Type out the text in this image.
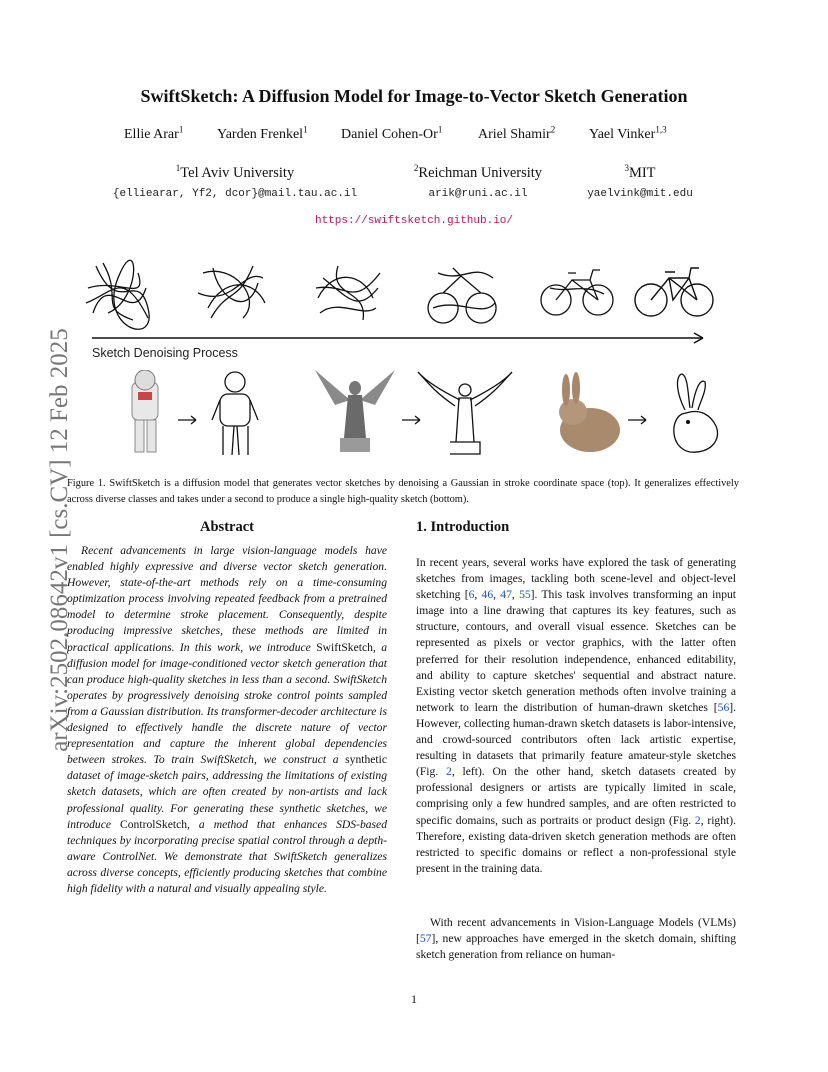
SwiftSketch: A Diffusion Model for Image-to-Vector Sketch Generation
Ellie Arar$^1$ Yarden Frenkel$^1$ Daniel Cohen-Or$^1$	Ariel Shamir$^2$ Yael Vinker$^{1,3}$
$^1$Tel Aviv University	$^2$Reichman University	$^3$MIT
{elliearar, Yf2, dcor}@mail.tau.ac.il	arik@runi.ac.il	yaelvink@mit.edu
https://swiftsketch.github.io/
arXiv:2502.08642v1 [cs.CV] 12 Feb 2025	Sketch Denoising Process
Figure 1. SwiftSketch is a diffusion model that generates vector sketches by denoising a Gaussian in stroke coordinate space (top). It generalizes effectively across diverse classes and takes under a second to produce a single high-quality sketch (bottom).
Abstract
Recent advancements in large vision-language models have enabled highly expressive and diverse vector sketch generation. However, state-of-the-art methods rely on a time-consuming optimization process involving repeated feedback from a pretrained model to determine stroke placement. Consequently, despite producing impressive sketches, these methods are limited in practical applications. In this work, we introduce SwiftSketch, a diffusion model for image-conditioned vector sketch generation that can produce high-quality sketches in less than a second. SwiftSketch operates by progressively denoising stroke control points sampled from a Gaussian distribution. Its transformer-decoder architecture is designed to effectively handle the discrete nature of vector representation and capture the inherent global dependencies between strokes. To train SwiftSketch, we construct a synthetic dataset of image-sketch pairs, addressing the limitations of existing sketch datasets, which are often created by non-artists and lack professional quality. For generating these synthetic sketches, we introduce ControlSketch, a method that enhances SDS-based techniques by incorporating precise spatial control through a depth-aware ControlNet. We demonstrate that SwiftSketch generalizes across diverse concepts, efficiently producing sketches that combine high fidelity with a natural and visually appealing style.
1. Introduction
In recent years, several works have explored the task of generating sketches from images, tackling both scene-level and object-level sketching [6, 46, 47, 55]. This task involves transforming an input image into a line drawing that captures its key features, such as structure, contours, and overall visual essence. Sketches can be represented as pixels or vector graphics, with the latter often preferred for their resolution independence, enhanced editability, and ability to capture sketches' sequential and abstract nature. Existing vector sketch generation methods often involve training a network to learn the distribution of human-drawn sketches [56]. However, collecting human-drawn sketch datasets is labor-intensive, and crowd-sourced contributors often lack artistic expertise, resulting in datasets that primarily feature amateur-style sketches (Fig. 2, left). On the other hand, sketch datasets created by professional designers or artists are typically limited in scale, comprising only a few hundred samples, and are often restricted to specific domains, such as portraits or product design (Fig. 2, right). Therefore, existing data-driven sketch generation methods are often restricted to specific domains or reflect a non-professional style present in the training data.
With recent advancements in Vision-Language Models (VLMs) [57], new approaches have emerged in the sketch domain, shifting sketch generation from reliance on human-
1
